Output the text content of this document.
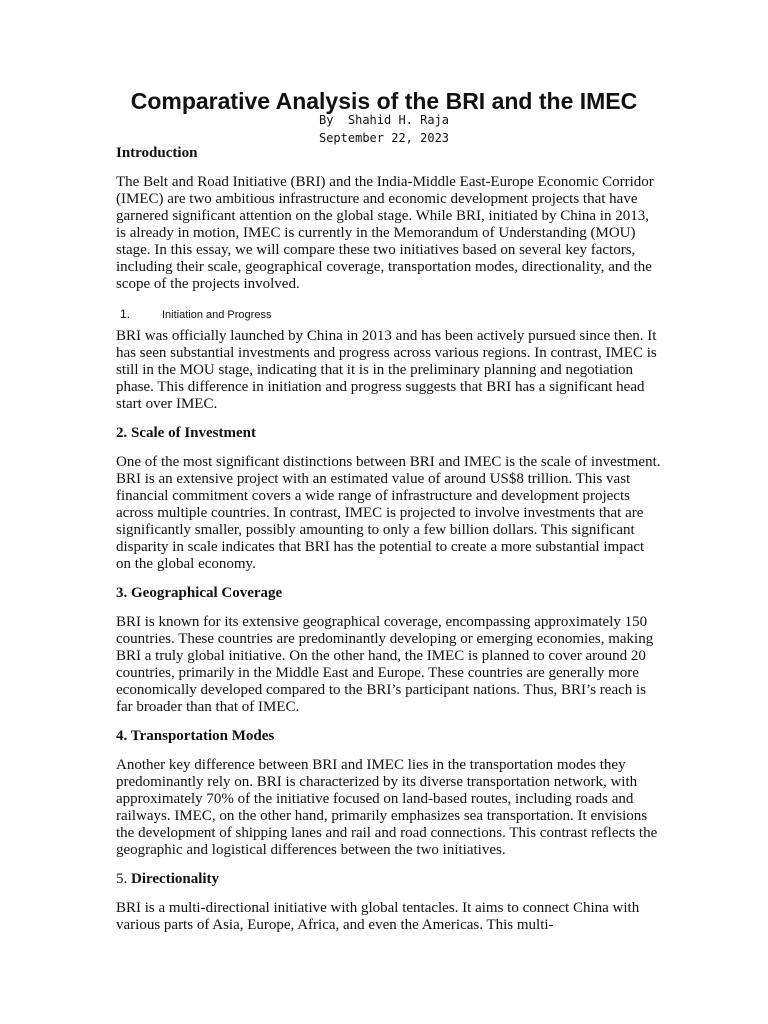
Comparative Analysis of the BRI and the IMEC
By  Shahid H. Raja
September 22, 2023

Introduction

The Belt and Road Initiative (BRI) and the India-Middle East-Europe Economic Corridor (IMEC) are two ambitious infrastructure and economic development projects that have garnered significant attention on the global stage. While BRI, initiated by China in 2013, is already in motion, IMEC is currently in the Memorandum of Understanding (MOU) stage. In this essay, we will compare these two initiatives based on several key factors, including their scale, geographical coverage, transportation modes, directionality, and the scope of the projects involved.

1.	Initiation and Progress

BRI was officially launched by China in 2013 and has been actively pursued since then. It has seen substantial investments and progress across various regions. In contrast, IMEC is still in the MOU stage, indicating that it is in the preliminary planning and negotiation phase. This difference in initiation and progress suggests that BRI has a significant head start over IMEC.

2. Scale of Investment

One of the most significant distinctions between BRI and IMEC is the scale of investment. BRI is an extensive project with an estimated value of around US$8 trillion. This vast financial commitment covers a wide range of infrastructure and development projects across multiple countries. In contrast, IMEC is projected to involve investments that are significantly smaller, possibly amounting to only a few billion dollars. This significant disparity in scale indicates that BRI has the potential to create a more substantial impact on the global economy.

3. Geographical Coverage

BRI is known for its extensive geographical coverage, encompassing approximately 150 countries. These countries are predominantly developing or emerging economies, making BRI a truly global initiative. On the other hand, the IMEC is planned to cover around 20 countries, primarily in the Middle East and Europe. These countries are generally more economically developed compared to the BRI’s participant nations. Thus, BRI’s reach is far broader than that of IMEC.

4. Transportation Modes

Another key difference between BRI and IMEC lies in the transportation modes they predominantly rely on. BRI is characterized by its diverse transportation network, with approximately 70% of the initiative focused on land-based routes, including roads and railways. IMEC, on the other hand, primarily emphasizes sea transportation. It envisions the development of shipping lanes and rail and road connections. This contrast reflects the geographic and logistical differences between the two initiatives.

5. Directionality

BRI is a multi-directional initiative with global tentacles. It aims to connect China with various parts of Asia, Europe, Africa, and even the Americas. This multi-
